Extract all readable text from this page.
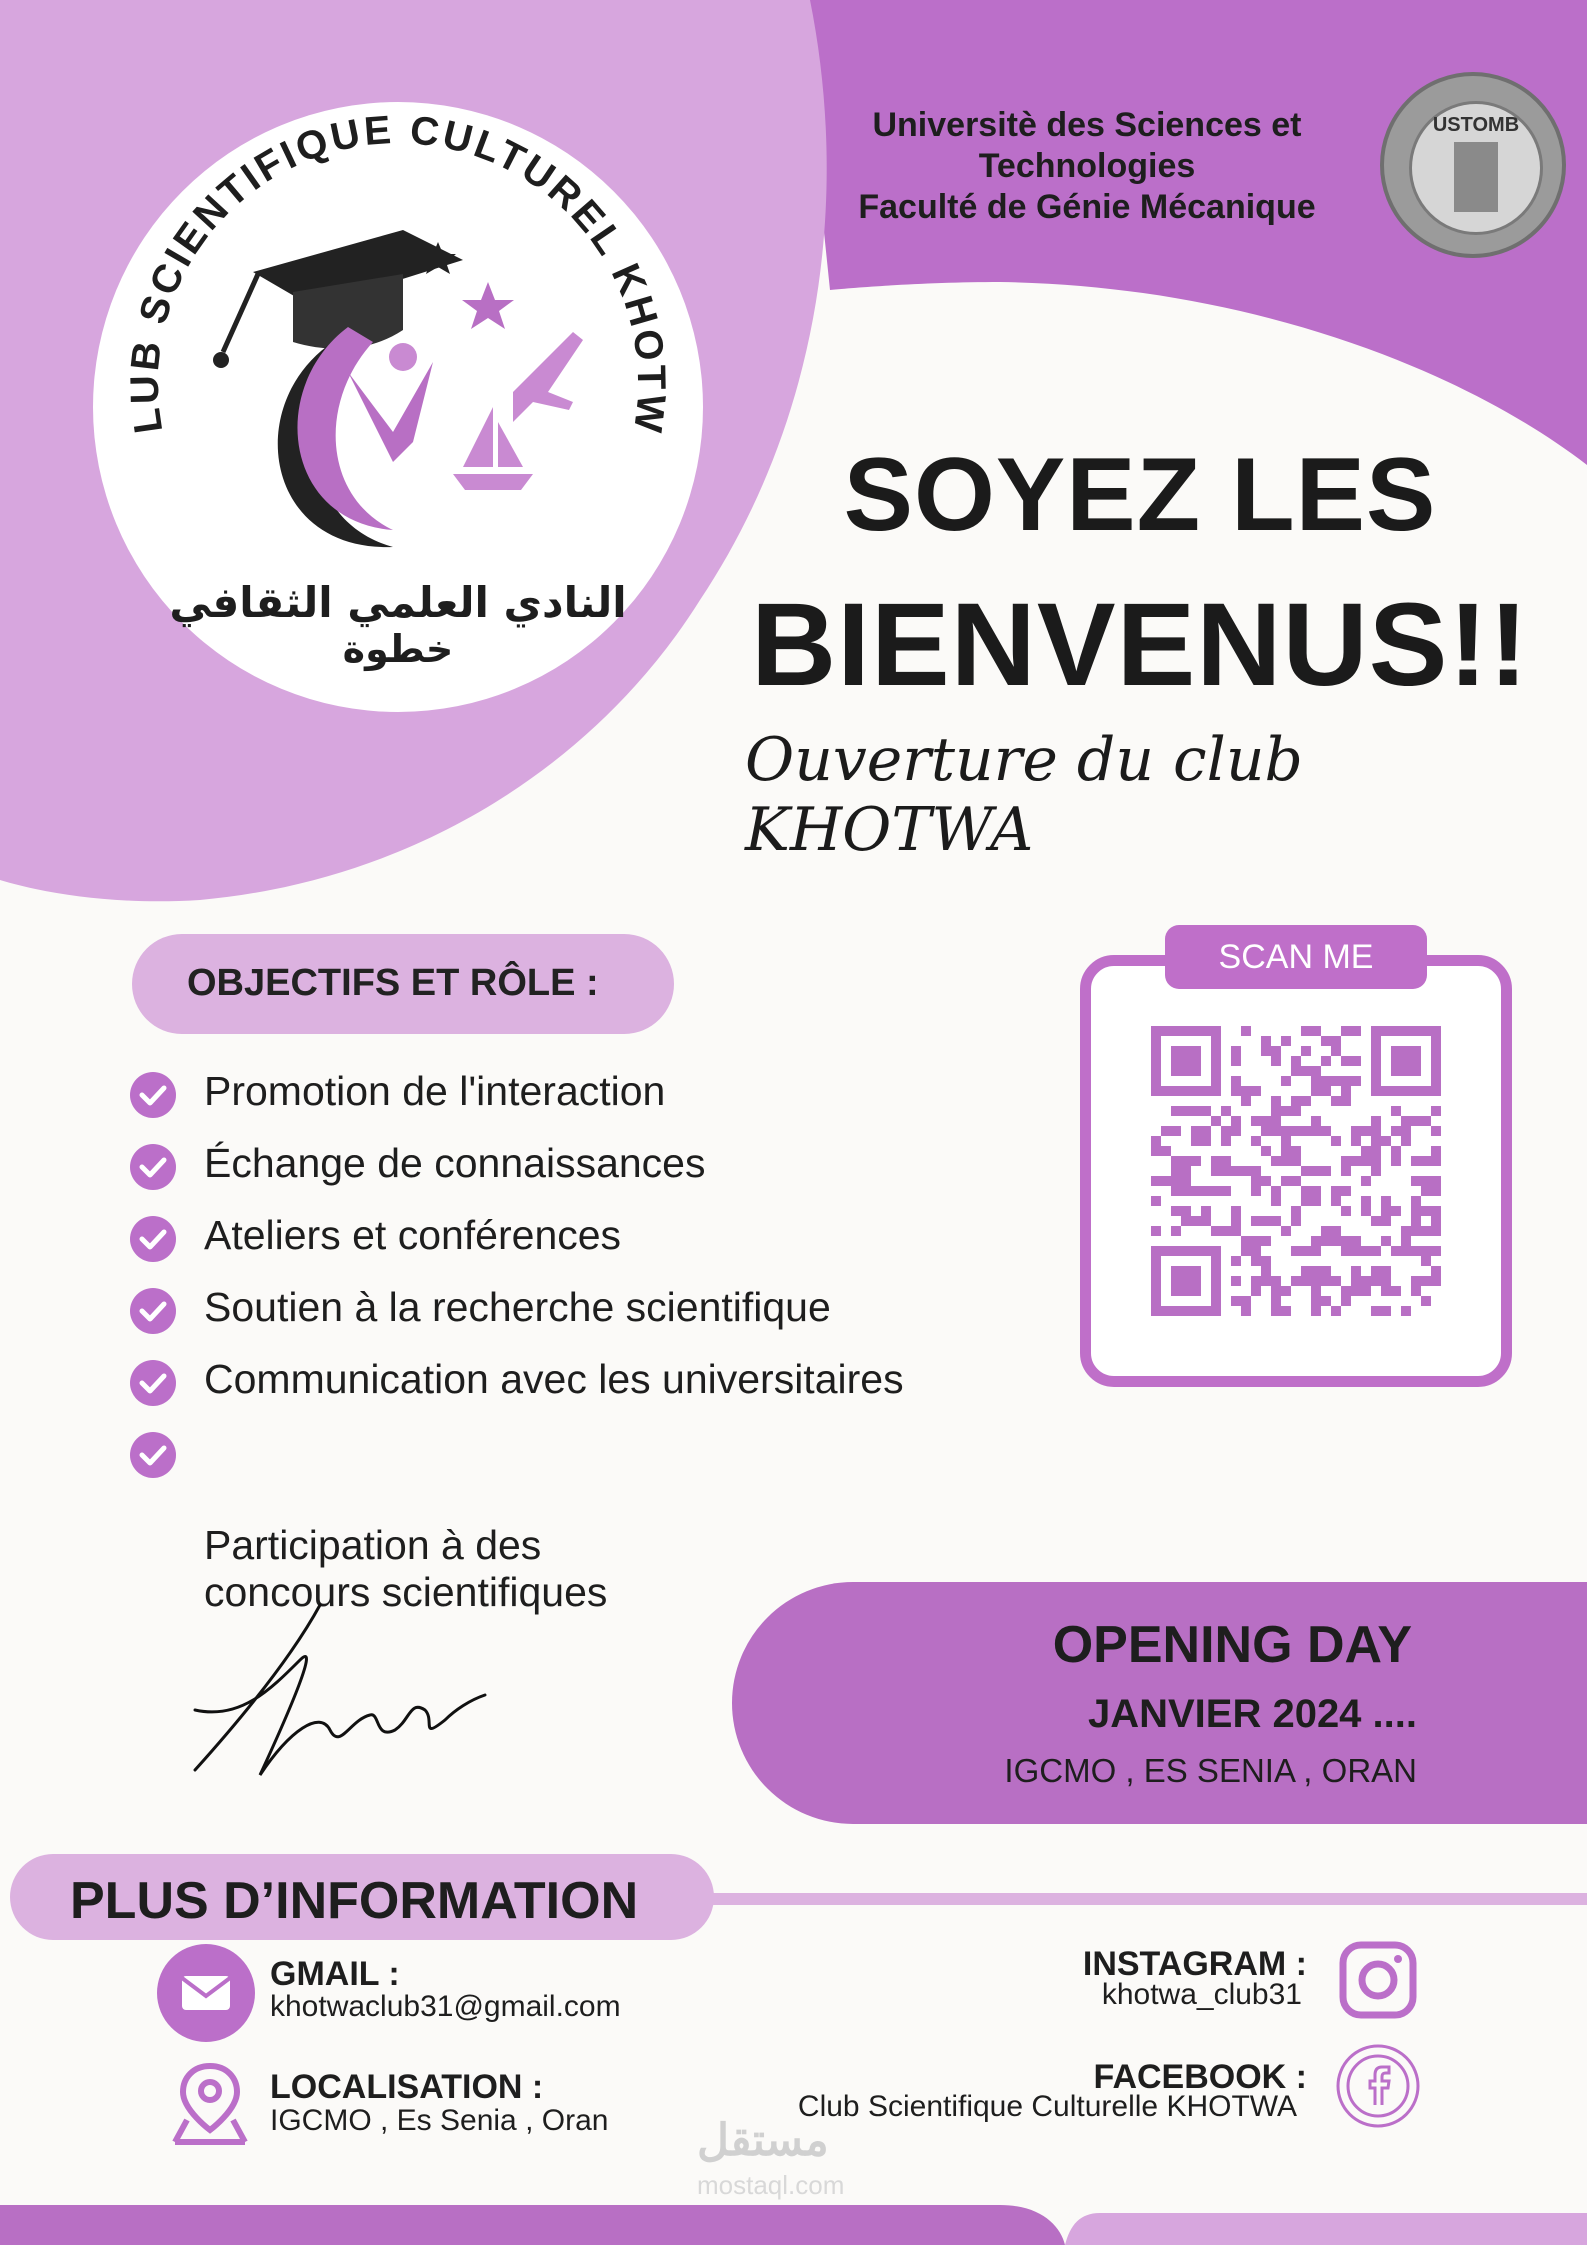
LUB SCIENTIFIQUE CULTUREL KHOTW
النادي العلمي الثقافي
خطوة
Universitè des Sciences et
Technologies
Faculté de Génie Mécanique
USTOMB
SOYEZ LES
BIENVENUS!!
Ouverture du club KHOTWA
OBJECTIFS ET RÔLE :
Promotion de l'interaction
Échange de connaissances
Ateliers et conférences
Soutien à la recherche scientifique
Communication avec les universitaires

Participation à des
concours scientifiques

SCAN ME
OPENING DAY
JANVIER 2024 ....
IGCMO , ES SENIA , ORAN
PLUS D’INFORMATION
GMAIL :
khotwaclub31@gmail.com
LOCALISATION :
IGCMO , Es Senia , Oran
INSTAGRAM :
khotwa_club31
FACEBOOK :
Club Scientifique Culturelle KHOTWA
مستقل
mostaql.com
